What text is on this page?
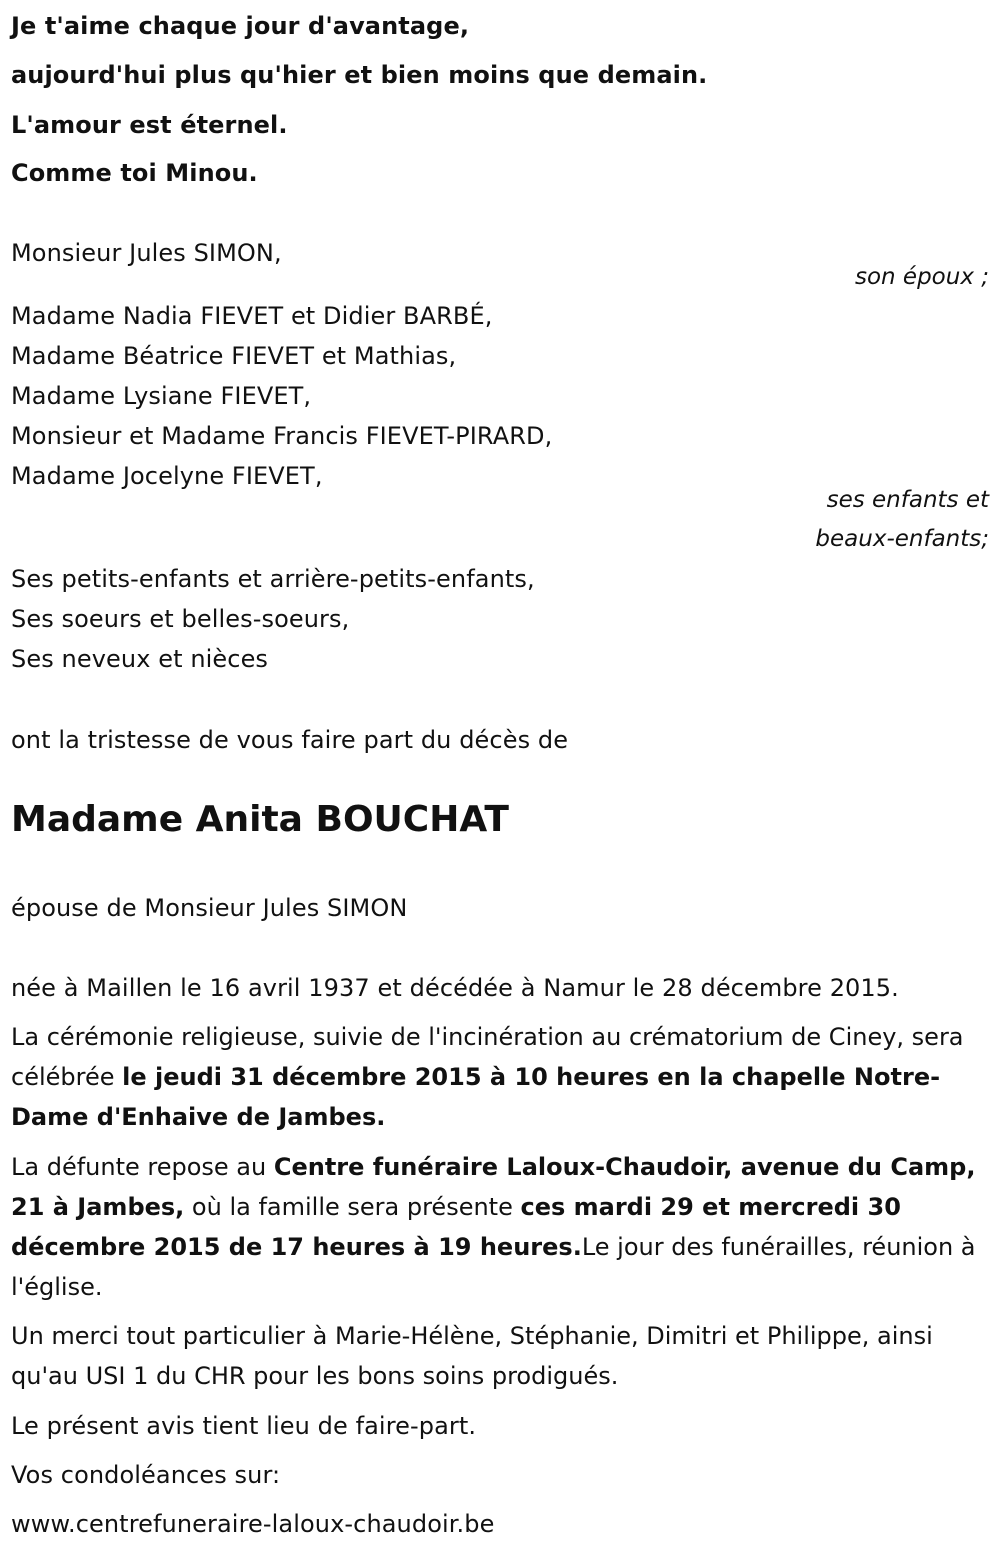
Je t'aime chaque jour d'avantage,
aujourd'hui plus qu'hier et bien moins que demain.
L'amour est éternel.
Comme toi Minou.
Monsieur Jules SIMON,
son époux ;
Madame Nadia FIEVET et Didier BARBÉ,
Madame Béatrice FIEVET et Mathias,
Madame Lysiane FIEVET,
Monsieur et Madame Francis FIEVET-PIRARD,
Madame Jocelyne FIEVET,
ses enfants et
beaux-enfants;
Ses petits-enfants et arrière-petits-enfants,
Ses soeurs et belles-soeurs,
Ses neveux et nièces
ont la tristesse de vous faire part du décès de
Madame Anita BOUCHAT
épouse de Monsieur Jules SIMON
née à Maillen le 16 avril 1937 et décédée à Namur le 28 décembre 2015.
La cérémonie religieuse, suivie de l'incinération au crématorium de Ciney, sera célébrée le jeudi 31 décembre 2015 à 10 heures en la chapelle Notre-Dame d'Enhaive de Jambes.
La défunte repose au Centre funéraire Laloux-Chaudoir, avenue du Camp, 21 à Jambes, où la famille sera présente ces mardi 29 et mercredi 30 décembre 2015 de 17 heures à 19 heures.Le jour des funérailles, réunion à l'église.
Un merci tout particulier à Marie-Hélène, Stéphanie, Dimitri et Philippe, ainsi qu'au USI 1 du CHR pour les bons soins prodigués.
Le présent avis tient lieu de faire-part.
Vos condoléances sur:
www.centrefuneraire-laloux-chaudoir.be
